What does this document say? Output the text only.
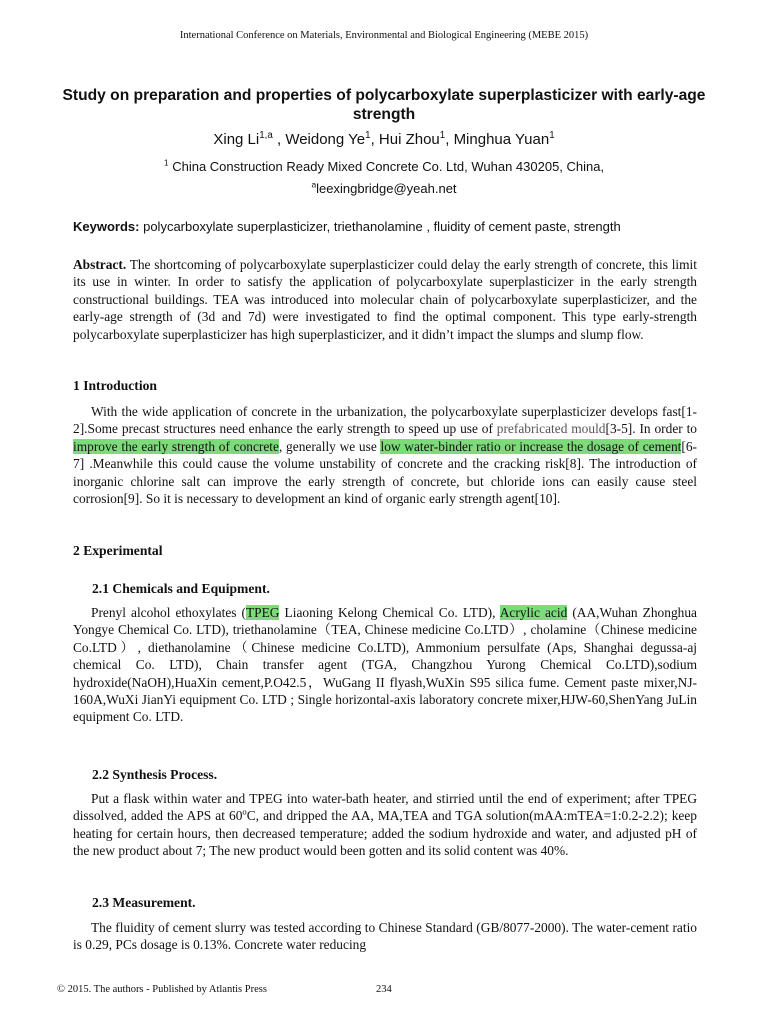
International Conference on Materials, Environmental and Biological Engineering (MEBE 2015)
Study on preparation and properties of polycarboxylate superplasticizer with early-age strength
Xing Li$^{1,a}$ , Weidong Ye$^1$, Hui Zhou$^1$, Minghua Yuan$^1$
$^1$ China Construction Ready Mixed Concrete Co. Ltd, Wuhan 430205, China,
$^a$leexingbridge@yeah.net
Keywords: polycarboxylate superplasticizer, triethanolamine , fluidity of cement paste, strength
Abstract. The shortcoming of polycarboxylate superplasticizer could delay the early strength of concrete, this limit its use in winter. In order to satisfy the application of polycarboxylate superplasticizer in the early strength constructional buildings. TEA was introduced into molecular chain of polycarboxylate superplasticizer, and the early-age strength of (3d and 7d) were investigated to find the optimal component. This type early-strength polycarboxylate superplasticizer has high superplasticizer, and it didn’t impact the slumps and slump flow.
1 Introduction
With the wide application of concrete in the urbanization, the polycarboxylate superplasticizer develops fast[1-2].Some precast structures need enhance the early strength to speed up use of prefabricated mould[3-5]. In order to improve the early strength of concrete, generally we use low water-binder ratio or increase the dosage of cement[6-7] .Meanwhile this could cause the volume unstability of concrete and the cracking risk[8]. The introduction of inorganic chlorine salt can improve the early strength of concrete, but chloride ions can easily cause steel corrosion[9]. So it is necessary to development an kind of organic early strength agent[10].
2 Experimental
2.1 Chemicals and Equipment.
Prenyl alcohol ethoxylates (TPEG Liaoning Kelong Chemical Co. LTD), Acrylic acid (AA,Wuhan Zhonghua Yongye Chemical Co. LTD), triethanolamine（TEA, Chinese medicine Co.LTD）, cholamine（Chinese medicine Co.LTD）, diethanolamine（Chinese medicine Co.LTD), Ammonium persulfate (Aps, Shanghai degussa-aj chemical Co. LTD), Chain transfer agent (TGA, Changzhou Yurong Chemical Co.LTD),sodium hydroxide(NaOH),HuaXin cement,P.O42.5，WuGang II flyash,WuXin S95 silica fume. Cement paste mixer,NJ-160A,WuXi JianYi equipment Co. LTD ; Single horizontal-axis laboratory concrete mixer,HJW-60,ShenYang JuLin equipment Co. LTD.
2.2 Synthesis Process.
Put a flask within water and TPEG into water-bath heater, and stirried until the end of experiment; after TPEG dissolved, added the APS at 60$^o$C, and dripped the AA, MA,TEA and TGA solution(mAA:mTEA=1:0.2-2.2); keep heating for certain hours, then decreased temperature; added the sodium hydroxide and water, and adjusted pH of the new product about 7; The new product would been gotten and its solid content was 40%.
2.3 Measurement.
The fluidity of cement slurry was tested according to Chinese Standard (GB/8077-2000). The water-cement ratio is 0.29, PCs dosage is 0.13%. Concrete water reducing
© 2015. The authors - Published by Atlantis Press	234
